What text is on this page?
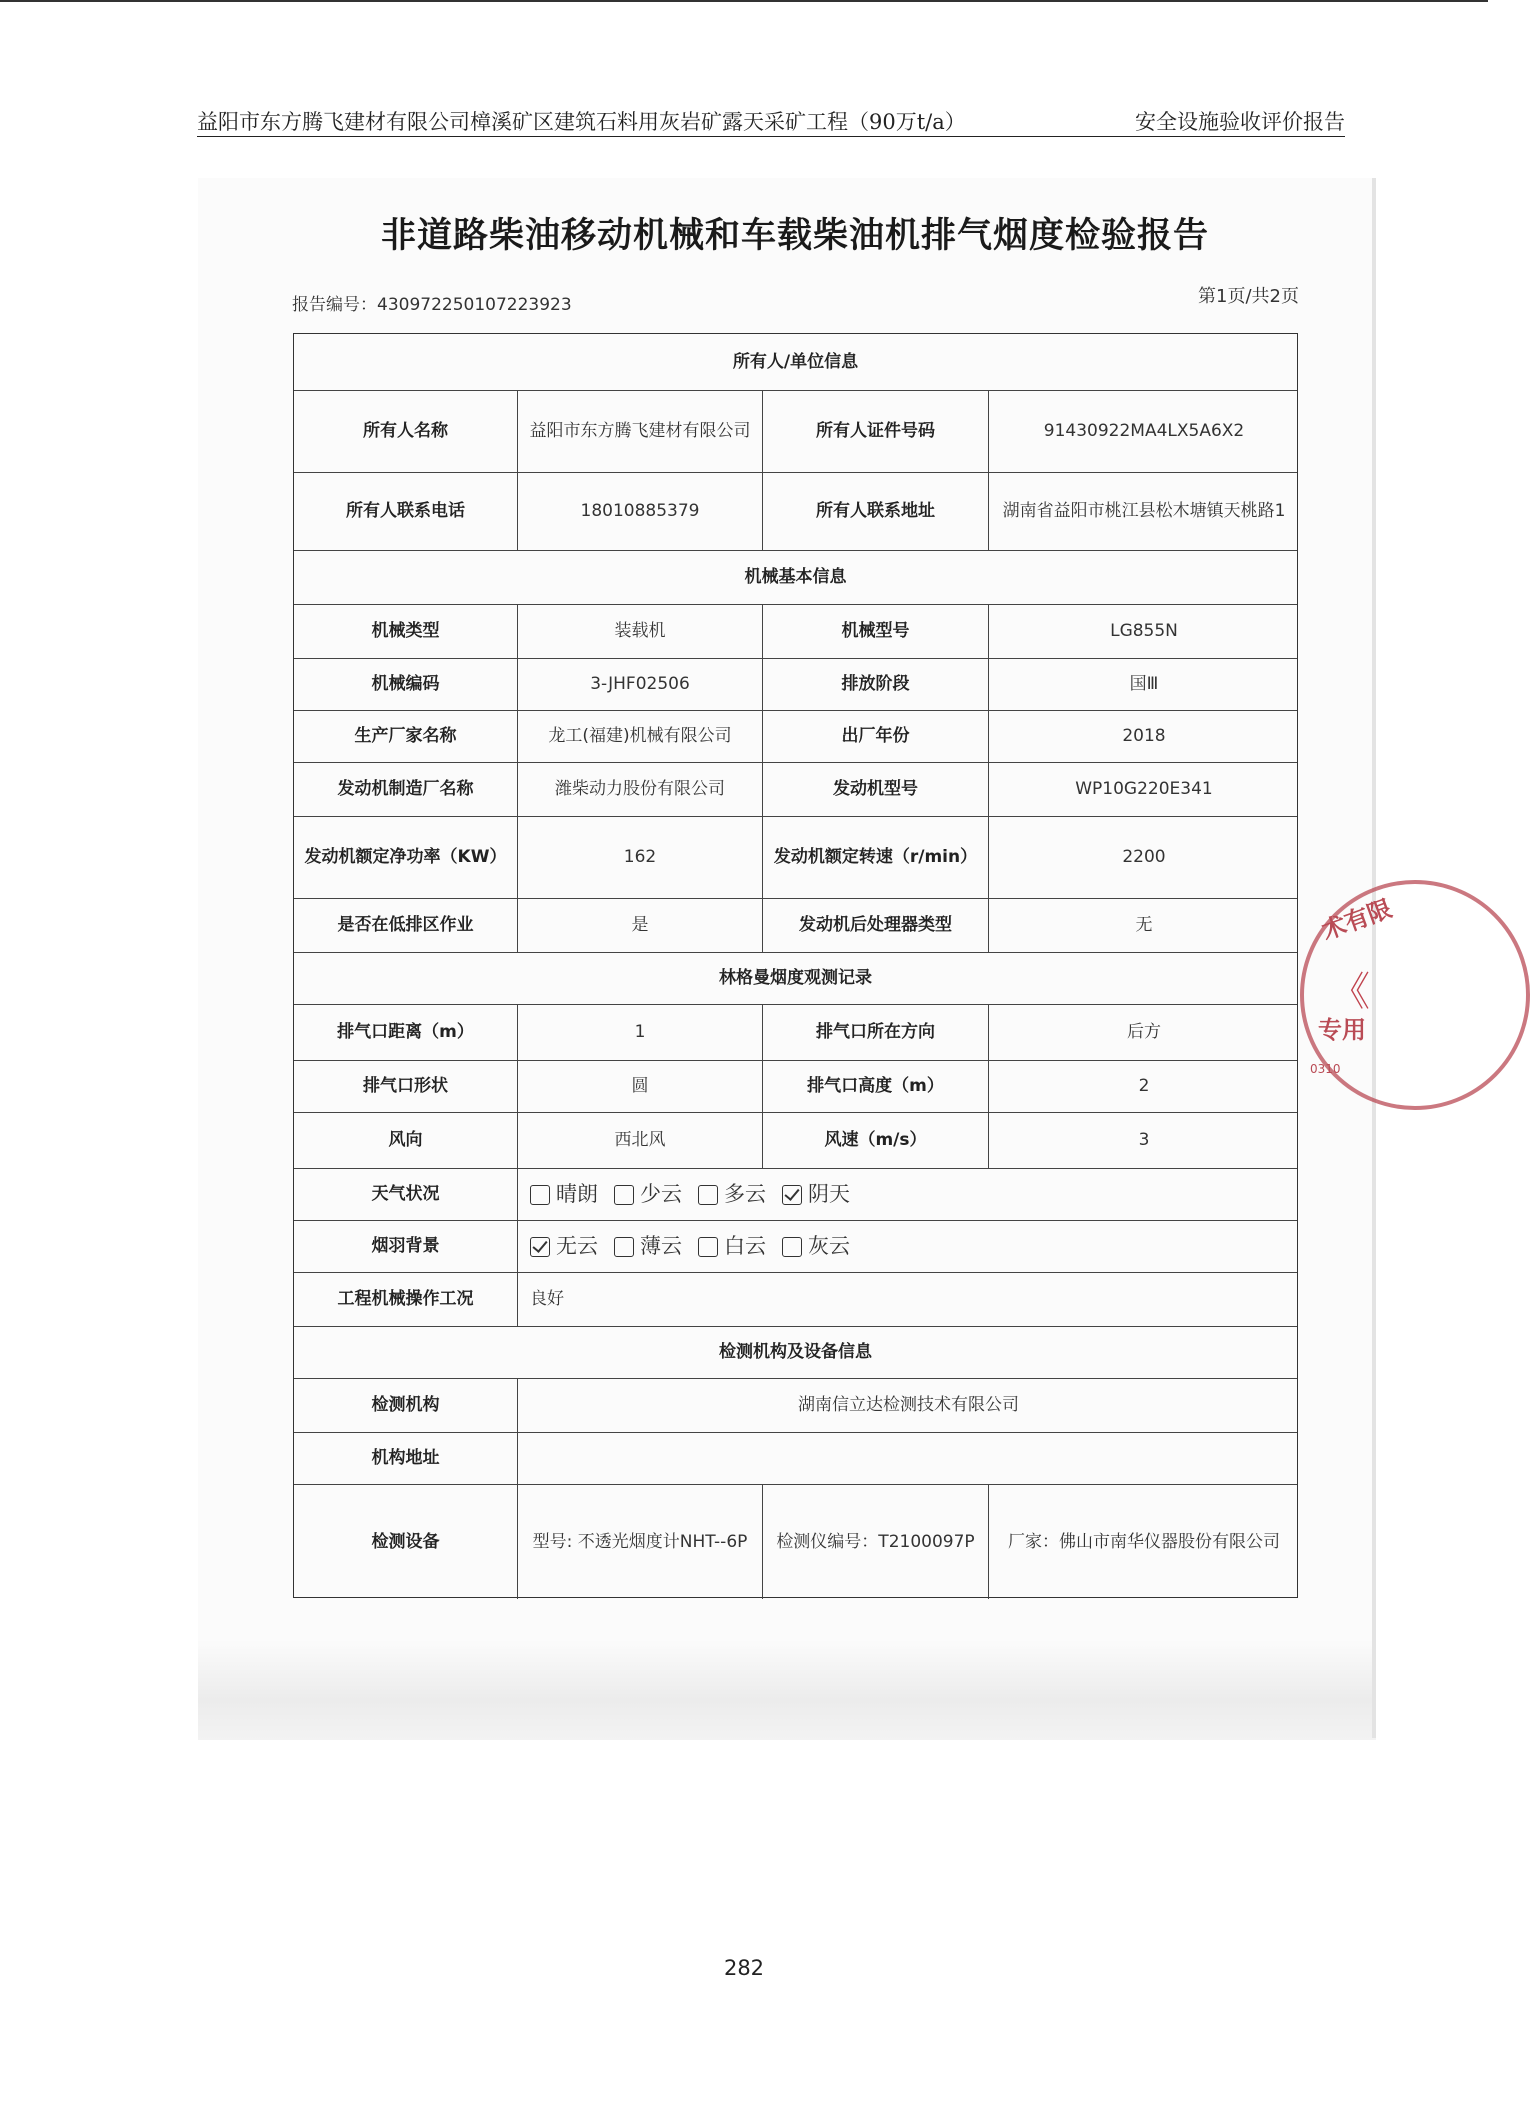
益阳市东方腾飞建材有限公司樟溪矿区建筑石料用灰岩矿露天采矿工程（90万t/a）	安全设施验收评价报告
非道路柴油移动机械和车载柴油机排气烟度检验报告
报告编号：430972250107223923	第1页/共2页
所有人/单位信息
所有人名称	益阳市东方腾飞建材有限公司	所有人证件号码	91430922MA4LX5A6X2
所有人联系电话	18010885379	所有人联系地址	湖南省益阳市桃江县松木塘镇天桃路1
机械基本信息
机械类型	装载机	机械型号	LG855N
机械编码	3-JHF02506	排放阶段	国Ⅲ
生产厂家名称	龙工(福建)机械有限公司	出厂年份	2018
发动机制造厂名称	潍柴动力股份有限公司	发动机型号	WP10G220E341
发动机额定净功率（KW）	162	发动机额定转速（r/min）	2200
是否在低排区作业	是	发动机后处理器类型	无
林格曼烟度观测记录
排气口距离（m）	1	排气口所在方向	后方
排气口形状	圆	排气口高度（m）	2
风向	西北风	风速（m/s）	3
天气状况	晴朗 少云 多云 阴天
烟羽背景	无云 薄云 白云 灰云
工程机械操作工况	良好
检测机构及设备信息
检测机构	湖南信立达检测技术有限公司
机构地址
检测设备	型号: 不透光烟度计NHT--6P	检测仪编号：T2100097P	厂家：佛山市南华仪器股份有限公司
术有限
《
专用
0310
282
